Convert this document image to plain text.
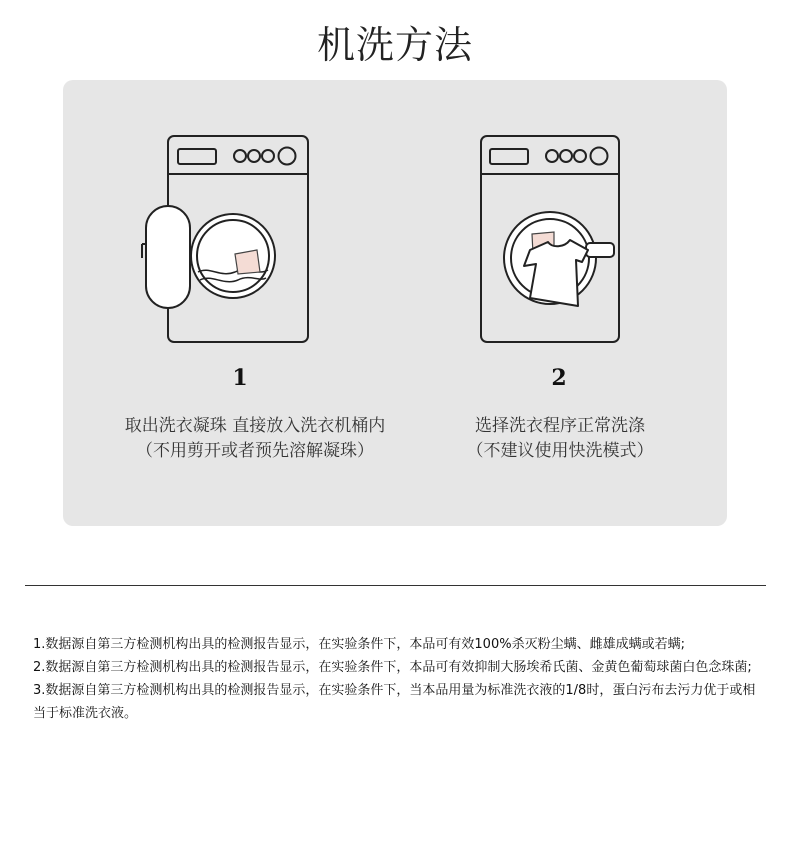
机洗方法
1
取出洗衣凝珠 直接放入洗衣机桶内
（不用剪开或者预先溶解凝珠）
2
选择洗衣程序正常洗涤
（不建议使用快洗模式）

1.数据源自第三方检测机构出具的检测报告显示，在实验条件下，本品可有效100%杀灭粉尘螨、雌雄成螨或若螨;

2.数据源自第三方检测机构出具的检测报告显示，在实验条件下，本品可有效抑制大肠埃希氏菌、金黄色葡萄球菌白色念珠菌;

3.数据源自第三方检测机构出具的检测报告显示，在实验条件下，当本品用量为标准洗衣液的1/8时，蛋白污布去污力优于或相当于标准洗衣液。
